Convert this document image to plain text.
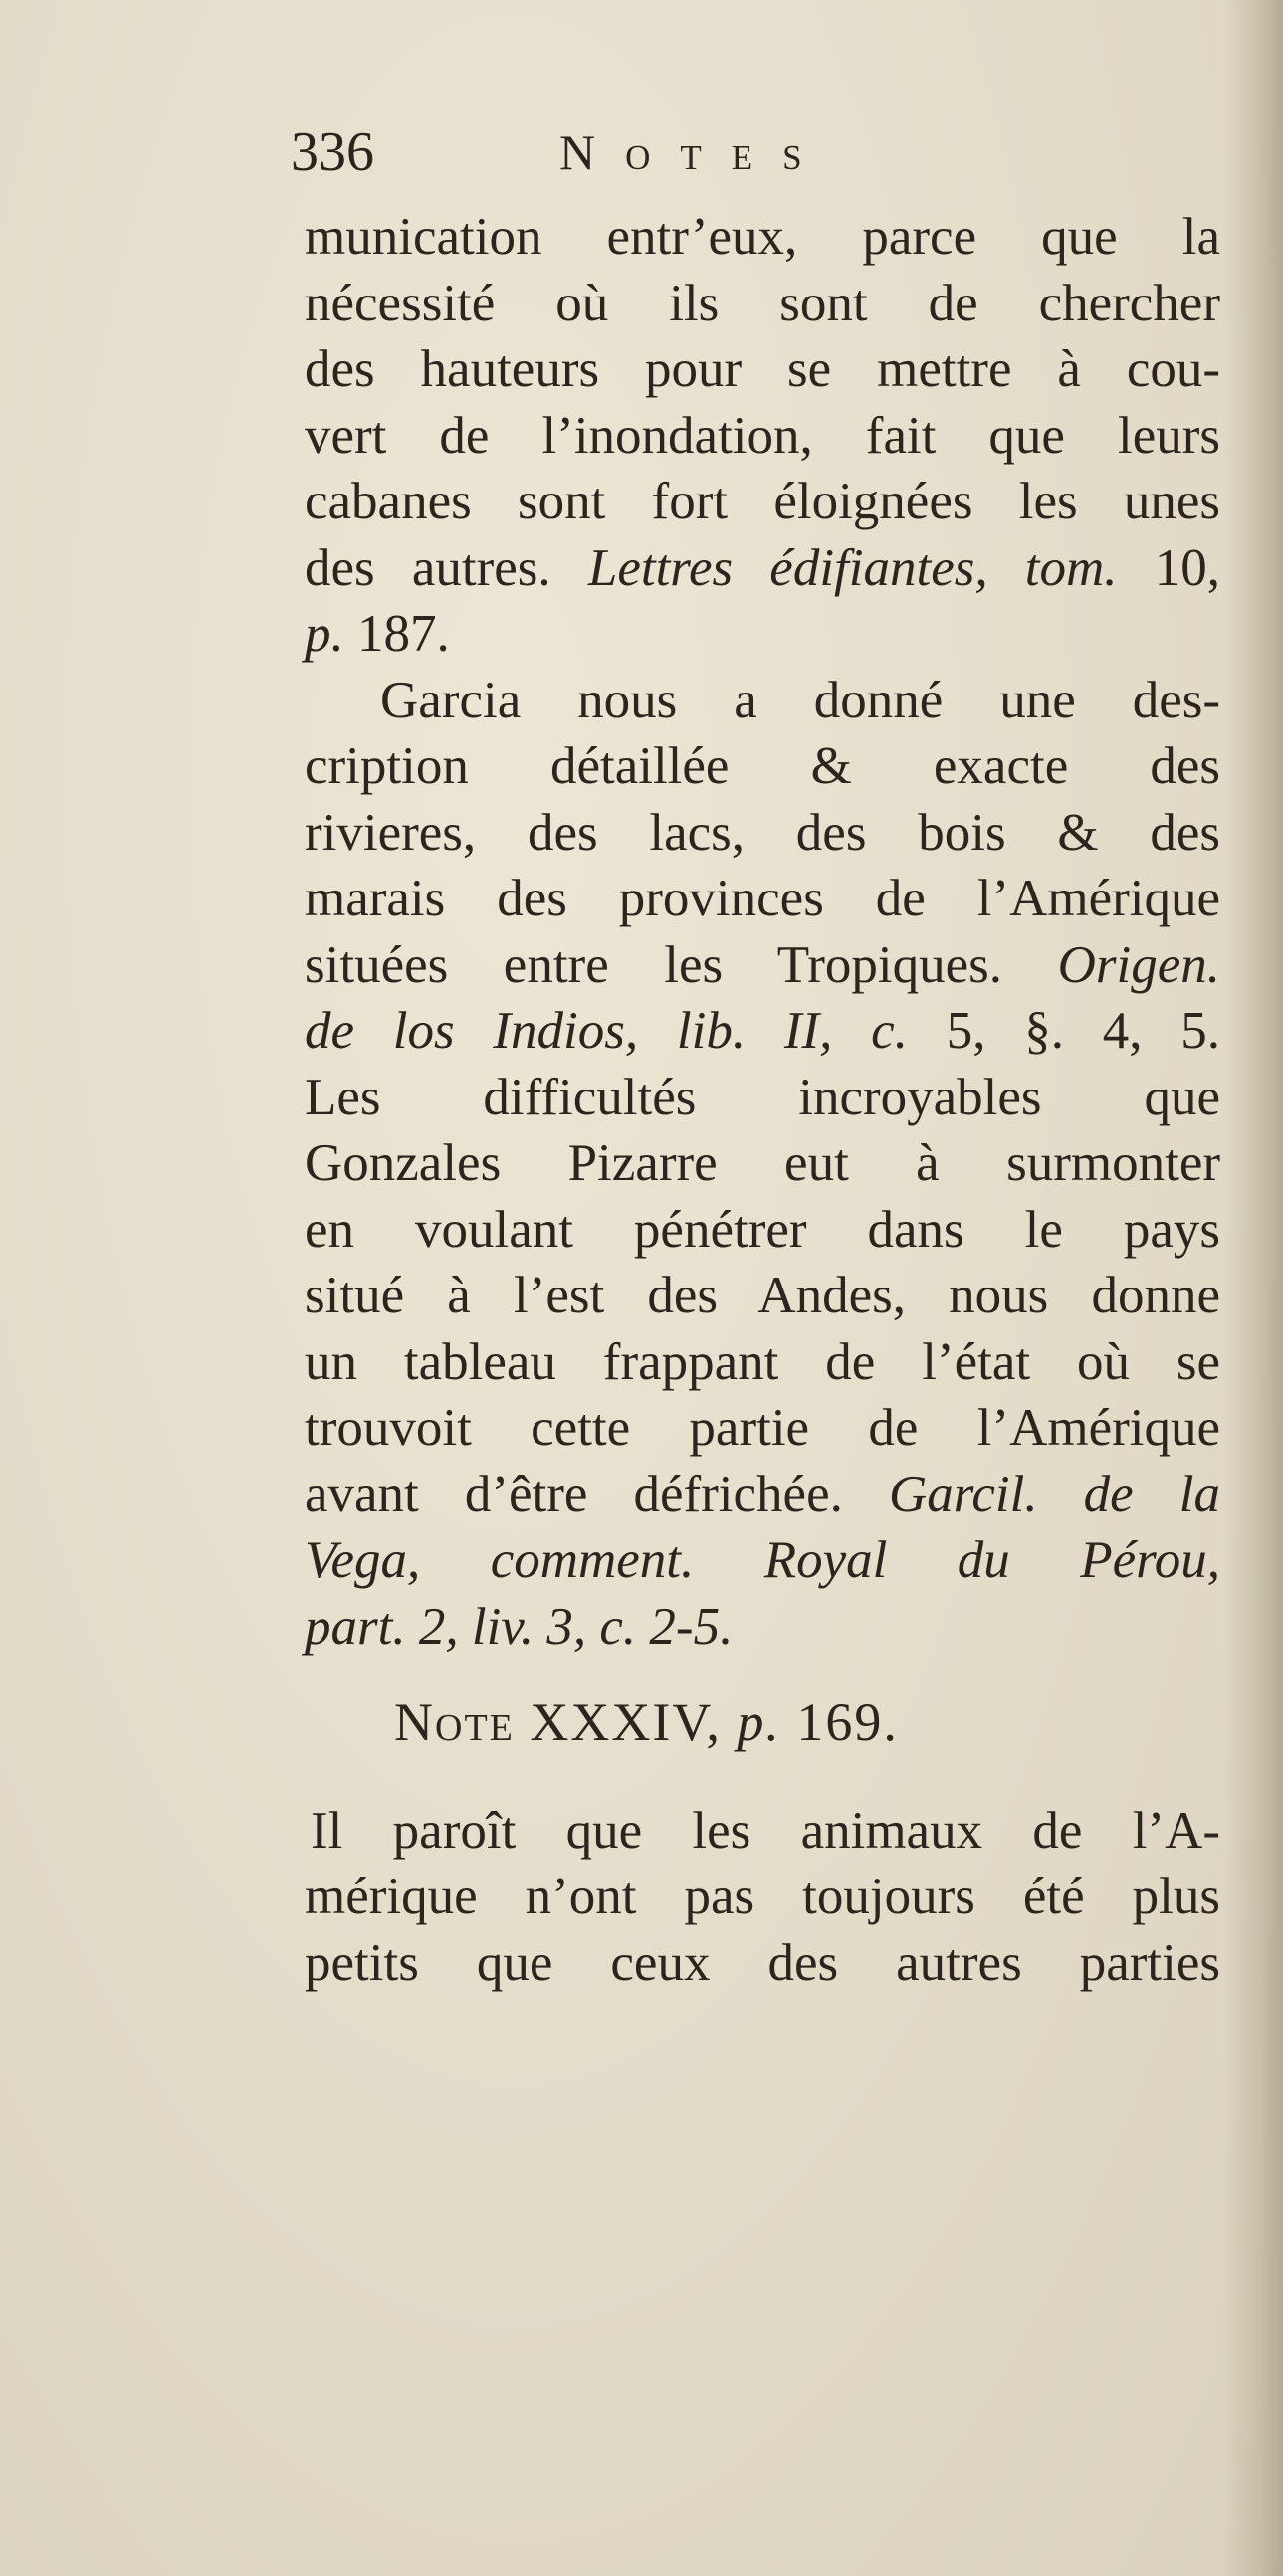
336	Notes
munication entr’eux, parce que la
nécessité où ils sont de chercher
des hauteurs pour se mettre à cou-
vert de l’inondation, fait que leurs
cabanes sont fort éloignées les unes
des autres. Lettres édifiantes, tom. 10,
p. 187.
Garcia nous a donné une des-
cription détaillée & exacte des
rivieres, des lacs, des bois & des
marais des provinces de l’Amérique
situées entre les Tropiques. Origen.
de los Indios, lib. II, c. 5, §. 4, 5.
Les difficultés incroyables que
Gonzales Pizarre eut à surmonter
en voulant pénétrer dans le pays
situé à l’est des Andes, nous donne
un tableau frappant de l’état où se
trouvoit cette partie de l’Amérique
avant d’être défrichée. Garcil. de la
Vega, comment. Royal du Pérou,
part. 2, liv. 3, c. 2-5.
Note XXXIV, p. 169.
Il paroît que les animaux de l’A-
mérique n’ont pas toujours été plus
petits que ceux des autres parties
